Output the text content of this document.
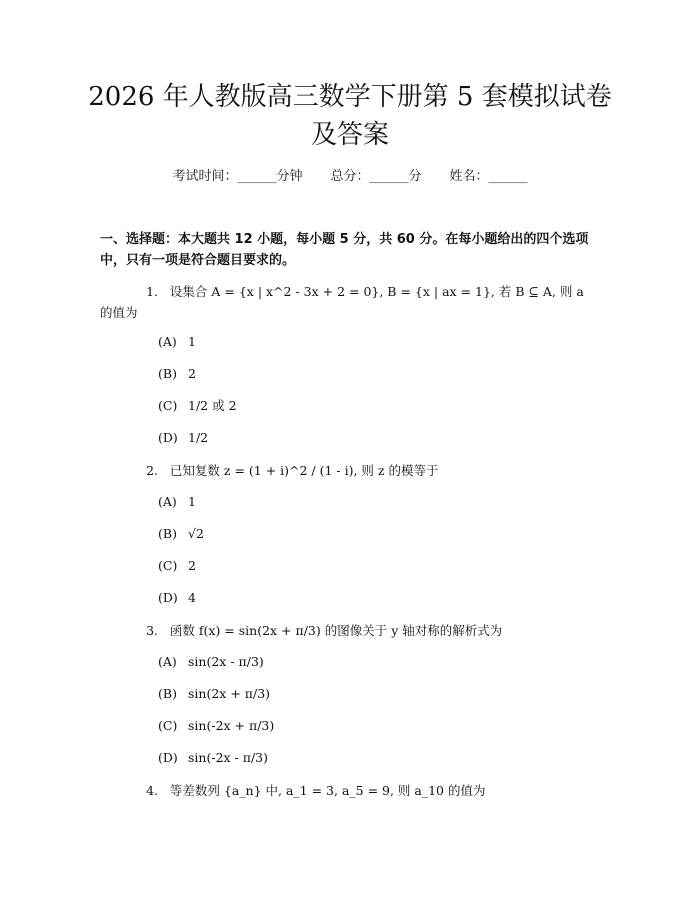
2026 年人教版高三数学下册第 5 套模拟试卷及答案
考试时间：______分钟 总分：______分 姓名：______
一、选择题：本大题共 12 小题，每小题 5 分，共 60 分。在每小题给出的四个选项中，只有一项是符合题目要求的。
1. 设集合 A = {x | x^2 - 3x + 2 = 0}, B = {x | ax = 1}, 若 B ⊆ A, 则 a 的值为
(A) 1
(B) 2
(C) 1/2 或 2
(D) 1/2
2. 已知复数 z = (1 + i)^2 / (1 - i), 则 z 的模等于
(A) 1
(B) √2
(C) 2
(D) 4
3. 函数 f(x) = sin(2x + π/3) 的图像关于 y 轴对称的解析式为
(A) sin(2x - π/3)
(B) sin(2x + π/3)
(C) sin(-2x + π/3)
(D) sin(-2x - π/3)
4. 等差数列 {a_n} 中, a_1 = 3, a_5 = 9, 则 a_10 的值为
